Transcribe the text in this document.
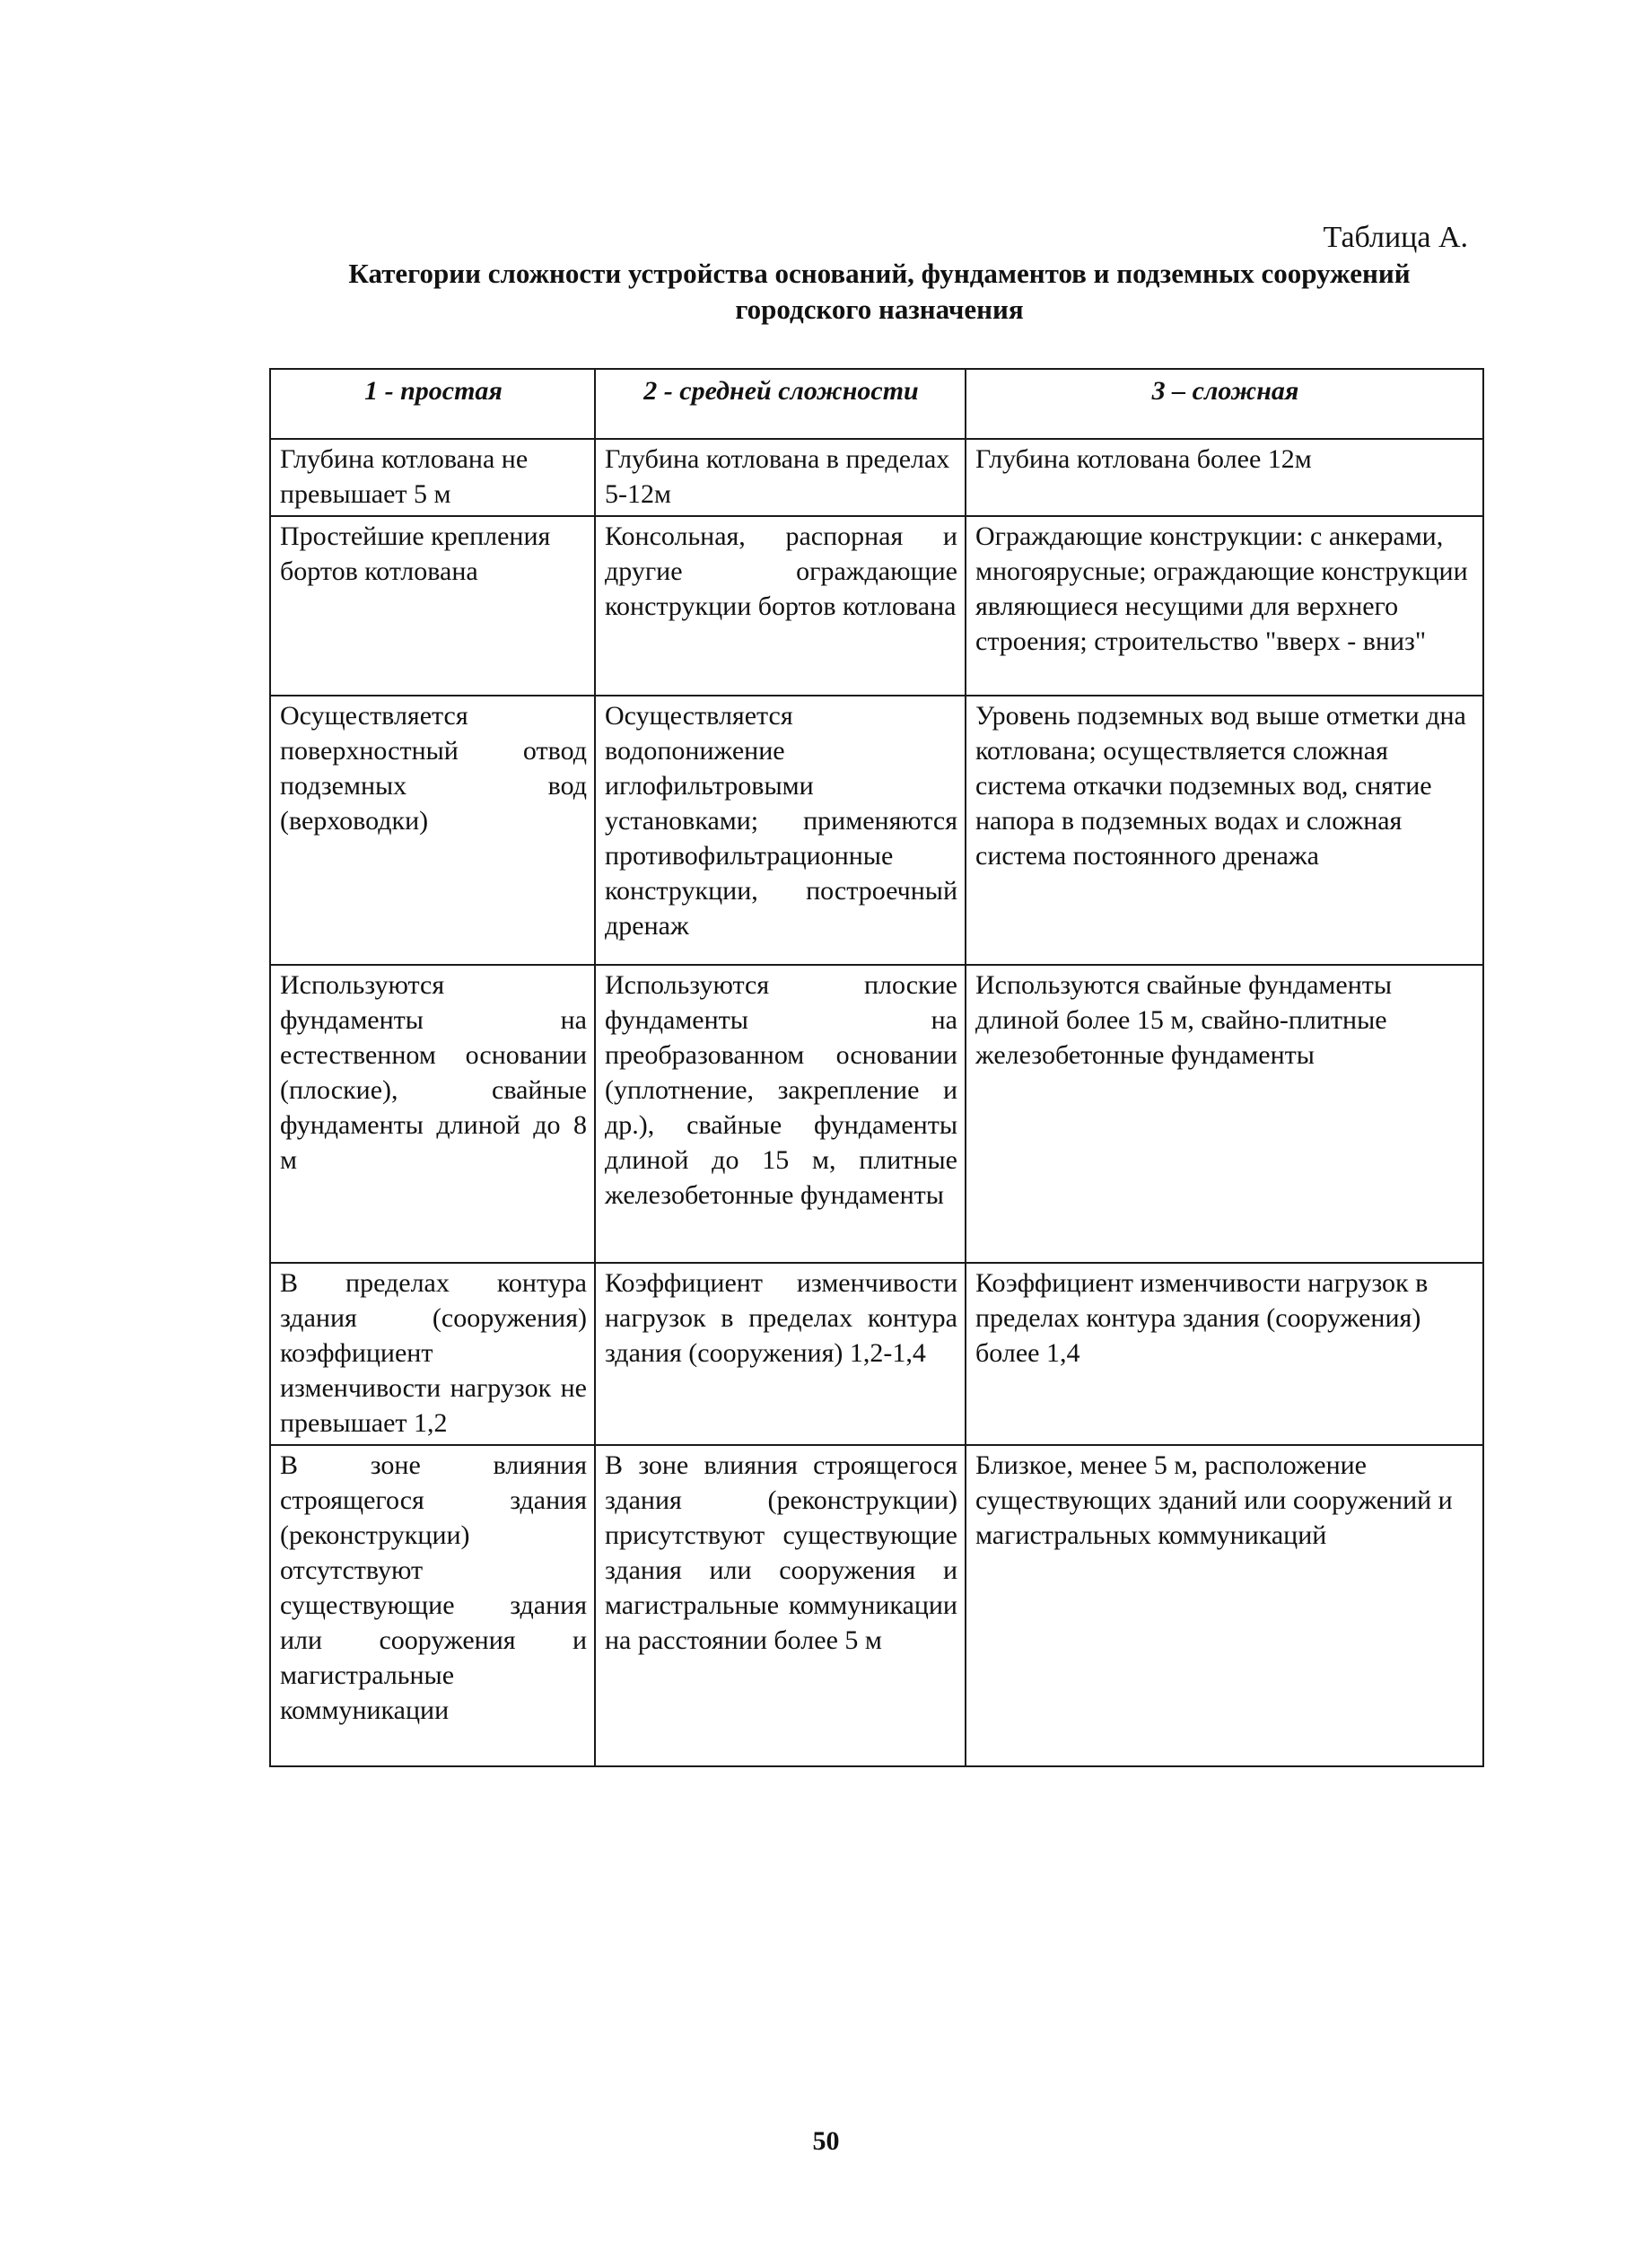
Таблица А.
Категории сложности устройства оснований, фундаментов и подземных сооружений
городского назначения
1 - простая	2 - средней сложности	3 – сложная
Глубина котлована не превышает 5 м	Глубина котлована в пределах 5-12м	Глубина котлована более 12м
Простейшие крепления бортов котлована	Консольная, распорная и другие ограждающие конструкции бортов котлована	Ограждающие конструкции: с анкерами, многоярусные; ограждающие конструкции являющиеся несущими для верхнего строения; строительство "вверх - вниз"
Осуществляется поверхностный отвод подземных вод (верховодки)	Осуществляется водопонижение иглофильтровыми установками; применяются противофильтрационные конструкции, построечный дренаж	Уровень подземных вод выше отметки дна котлована; осуществляется сложная система откачки подземных вод, снятие напора в подземных водах и сложная система постоянного дренажа
Используются фундаменты на естественном основании (плоские), свайные фундаменты длиной до 8 м	Используются плоские фундаменты на преобразованном основании (уплотнение, закрепление и др.), свайные фундаменты длиной до 15 м, плитные железобетонные фундаменты	Используются свайные фундаменты длиной более 15 м, свайно-плитные железобетонные фундаменты
В пределах контура здания (сооружения) коэффициент изменчивости нагрузок не превышает 1,2	Коэффициент изменчивости нагрузок в пределах контура здания (сооружения) 1,2-1,4	Коэффициент изменчивости нагрузок в пределах контура здания (сооружения) более 1,4
В зоне влияния строящегося здания (реконструкции) отсутствуют существующие здания или сооружения и магистральные коммуникации	В зоне влияния строящегося здания (реконструкции) присутствуют существующие здания или сооружения и магистральные коммуникации на расстоянии более 5 м	Близкое, менее 5 м, расположение существующих зданий или сооружений и магистральных коммуникаций
50
